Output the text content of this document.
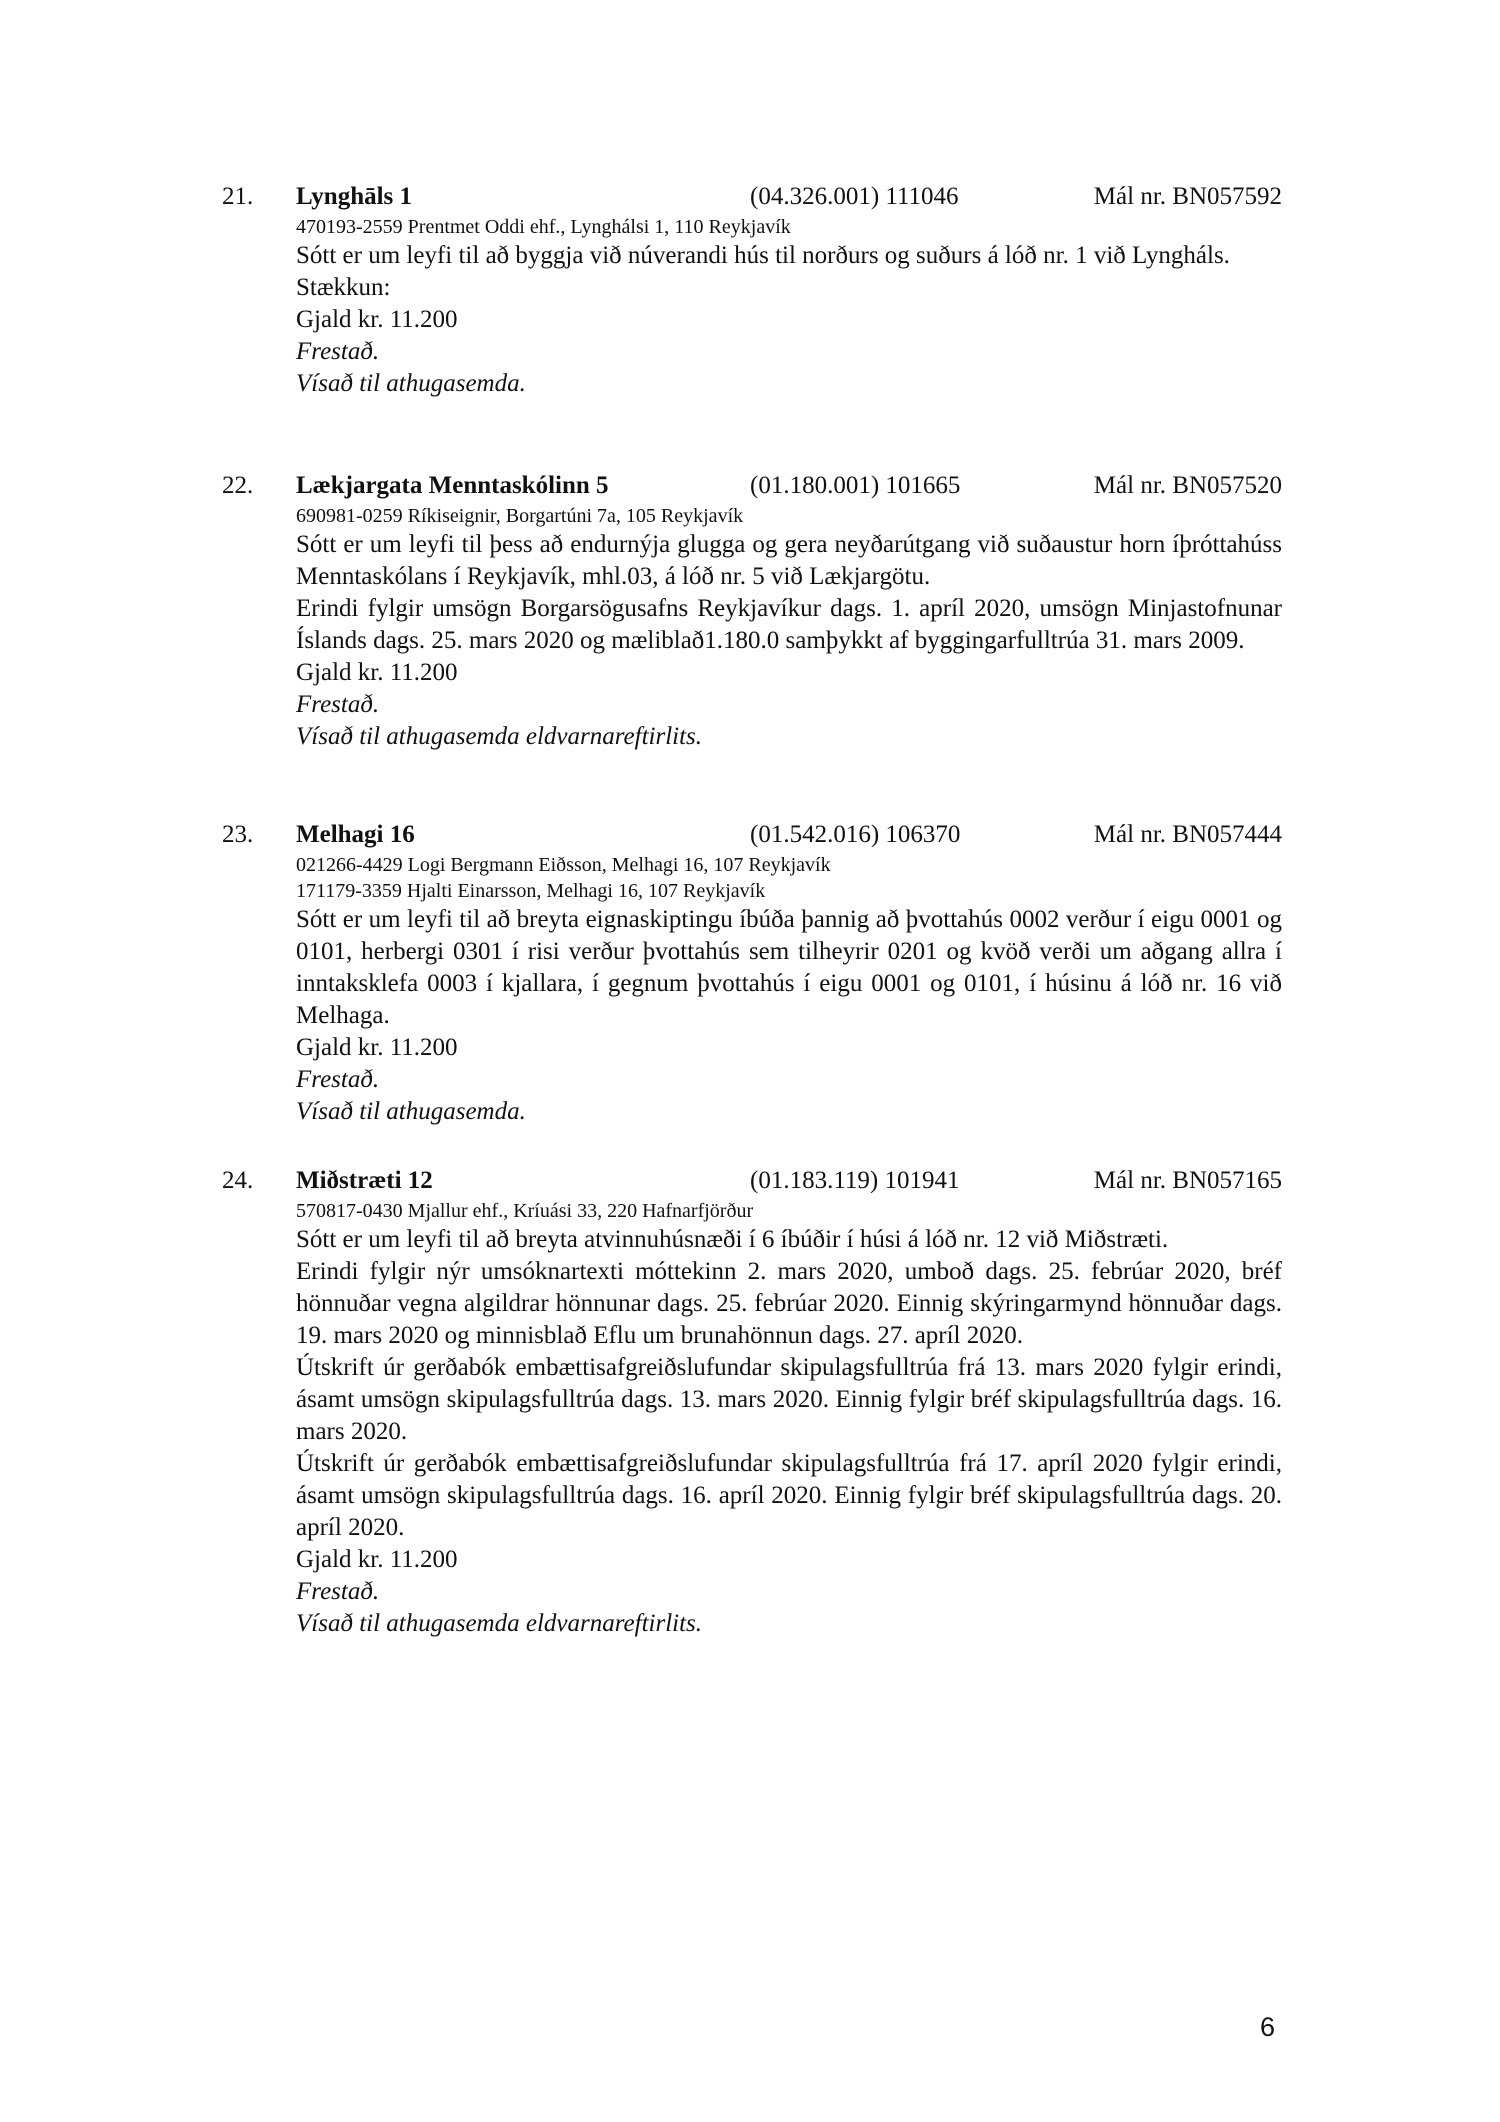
21. Lynghāls 1	(04.326.001) 111046	Mál nr. BN057592
470193-2559 Prentmet Oddi ehf., Lynghálsi 1, 110 Reykjavík
Sótt er um leyfi til að byggja við núverandi hús til norðurs og suðurs á lóð nr. 1 við Lyngháls.
Stækkun:
Gjald kr. 11.200
Frestað.
Vísað til athugasemda.
22. Lækjargata Menntaskólinn 5	(01.180.001) 101665	Mál nr. BN057520
690981-0259 Ríkiseignir, Borgartúni 7a, 105 Reykjavík
Sótt er um leyfi til þess að endurnýja glugga og gera neyðarútgang við suðaustur horn íþróttahúss Menntaskólans í Reykjavík, mhl.03, á lóð nr. 5 við Lækjargötu.
Erindi fylgir umsögn Borgarsögusafns Reykjavíkur dags. 1. apríl 2020, umsögn Minjastofnunar Íslands dags. 25. mars 2020 og mæliblað1.180.0 samþykkt af byggingarfulltrúa 31. mars 2009.
Gjald kr. 11.200
Frestað.
Vísað til athugasemda eldvarnareftirlits.
23. Melhagi 16	(01.542.016) 106370	Mál nr. BN057444
021266-4429 Logi Bergmann Eiðsson, Melhagi 16, 107 Reykjavík
171179-3359 Hjalti Einarsson, Melhagi 16, 107 Reykjavík
Sótt er um leyfi til að breyta eignaskiptingu íbúða þannig að þvottahús 0002 verður í eigu 0001 og 0101, herbergi 0301 í risi verður þvottahús sem tilheyrir 0201 og kvöð verði um aðgang allra í inntaksklefa 0003 í kjallara, í gegnum þvottahús í eigu 0001 og 0101, í húsinu á lóð nr. 16 við Melhaga.
Gjald kr. 11.200
Frestað.
Vísað til athugasemda.
24. Miðstræti 12	(01.183.119) 101941	Mál nr. BN057165
570817-0430 Mjallur ehf., Kríuási 33, 220 Hafnarfjörður
Sótt er um leyfi til að breyta atvinnuhúsnæði í 6 íbúðir í húsi á lóð nr. 12 við Miðstræti.
Erindi fylgir nýr umsóknartexti móttekinn 2. mars 2020, umboð dags. 25. febrúar 2020, bréf hönnuðar vegna algildrar hönnunar dags. 25. febrúar 2020. Einnig skýringarmynd hönnuðar dags. 19. mars 2020 og minnisblað Eflu um brunahönnun dags. 27. apríl 2020.
Útskrift úr gerðabók embættisafgreiðslufundar skipulagsfulltrúa frá 13. mars 2020 fylgir erindi, ásamt umsögn skipulagsfulltrúa dags. 13. mars 2020. Einnig fylgir bréf skipulagsfulltrúa dags. 16. mars 2020.
Útskrift úr gerðabók embættisafgreiðslufundar skipulagsfulltrúa frá 17. apríl 2020 fylgir erindi, ásamt umsögn skipulagsfulltrúa dags. 16. apríl 2020. Einnig fylgir bréf skipulagsfulltrúa dags. 20. apríl 2020.
Gjald kr. 11.200
Frestað.
Vísað til athugasemda eldvarnareftirlits.
6
